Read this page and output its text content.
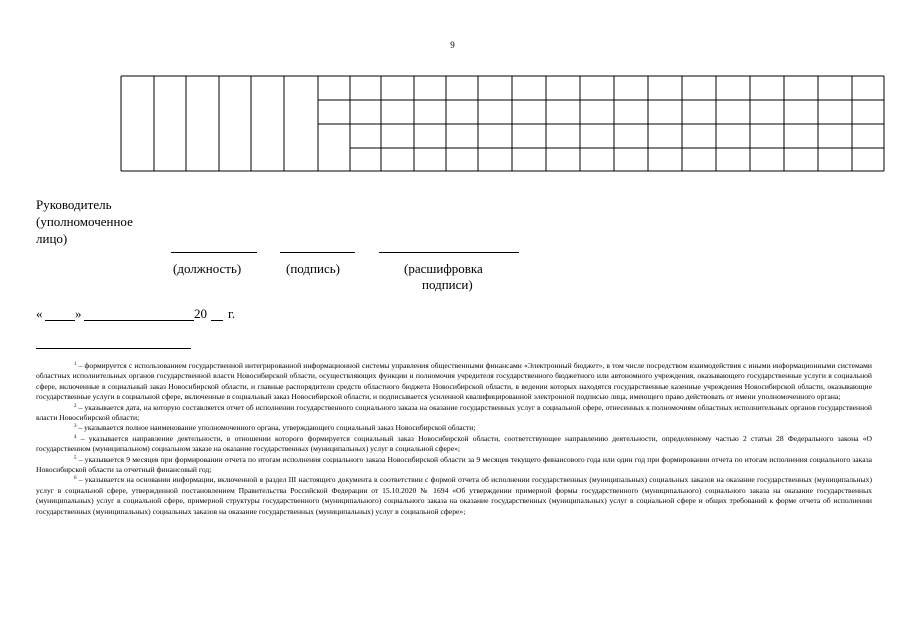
9
Руководитель
(уполномоченное
лицо)
(должность)	(подпись)	(расшифровка
подписи)
«	»	20 г.

$^1$ – формируется с использованием государственной интегрированной информационной системы управления общественными финансами «Электронный бюджет», в том числе посредством взаимодействия с иными информационными системами областных исполнительных органов государственной власти Новосибирской области, осуществляющих функции и полномочия учредителя государственного бюджетного или автономного учреждения, оказывающего государственные услуги в социальной сфере, включенные в социальный заказ Новосибирской области, и главные распорядители средств областного бюджета Новосибирской области, в ведении которых находятся государственные казенные учреждения Новосибирской области, оказывающие государственные услуги в социальной сфере, включенные в социальный заказ Новосибирской области, и подписывается усиленной квалифицированной электронной подписью лица, имеющего право действовать от имени уполномоченного органа;

$^2$ – указывается дата, на которую составляется отчет об исполнении государственного социального заказа на оказание государственных услуг в социальной сфере, отнесенных к полномочиям областных исполнительных органов государственной власти Новосибирской области;

$^3$ – указывается полное наименование уполномоченного органа, утверждающего социальный заказ Новосибирской области;

$^4$ – указывается направление деятельности, в отношении которого формируется социальный заказ Новосибирской области, соответствующее направлению деятельности, определенному частью 2 статьи 28 Федерального закона «О государственном (муниципальном) социальном заказе на оказание государственных (муниципальных) услуг в социальной сфере»;

$^5$ – указывается 9 месяцев при формировании отчета по итогам исполнения социального заказа Новосибирской области за 9 месяцев текущего финансового года или один год при формировании отчета по итогам исполнения социального заказа Новосибирской области за отчетный финансовый год;

$^6$ – указывается на основании информации, включенной в раздел III настоящего документа в соответствии с формой отчета об исполнении государственных (муниципальных) социальных заказов на оказание государственных (муниципальных) услуг в социальной сфере, утвержденной постановлением Правительства Российской Федерации от 15.10.2020 № 1694 «Об утверждении примерной формы государственного (муниципального) социального заказа на оказание государственных (муниципальных) услуг в социальной сфере, примерной структуры государственного (муниципального) социального заказа на оказание государственных (муниципальных) услуг в социальной сфере и общих требований к форме отчета об исполнении государственных (муниципальных) социальных заказов на оказание государственных (муниципальных) услуг в социальной сфере»;
